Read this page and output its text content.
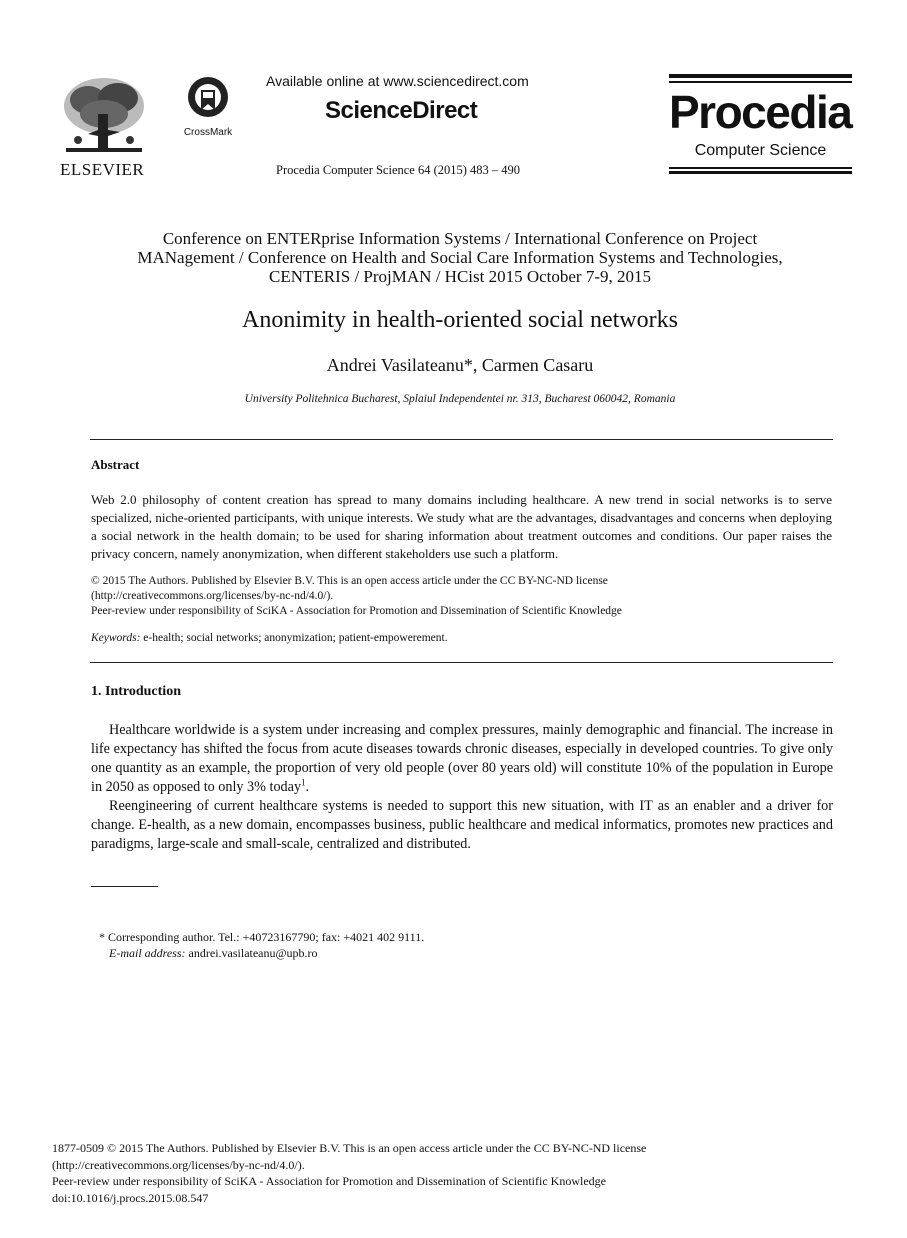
ELSEVIER
CrossMark
Available online at www.sciencedirect.com
ScienceDirect
Procedia Computer Science 64 (2015) 483 – 490
Procedia
Computer Science
Conference on ENTERprise Information Systems / International Conference on Project
MANagement / Conference on Health and Social Care Information Systems and Technologies,
CENTERIS / ProjMAN / HCist 2015 October 7-9, 2015
Anonimity in health-oriented social networks
Andrei Vasilateanu*, Carmen Casaru
University Politehnica Bucharest, Splaiul Independentei nr. 313, Bucharest 060042, Romania
Abstract
Web 2.0 philosophy of content creation has spread to many domains including healthcare. A new trend in social networks is to serve specialized, niche-oriented participants, with unique interests. We study what are the advantages, disadvantages and concerns when deploying a social network in the health domain; to be used for sharing information about treatment outcomes and conditions. Our paper raises the privacy concern, namely anonymization, when different stakeholders use such a platform.
© 2015 The Authors. Published by Elsevier B.V. This is an open access article under the CC BY-NC-ND license
(http://creativecommons.org/licenses/by-nc-nd/4.0/).
Peer-review under responsibility of SciKA - Association for Promotion and Dissemination of Scientific Knowledge
Keywords: e-health; social networks; anonymization; patient-empowerement.
1. Introduction

Healthcare worldwide is a system under increasing and complex pressures, mainly demographic and financial. The increase in life expectancy has shifted the focus from acute diseases towards chronic diseases, especially in developed countries. To give only one quantity as an example, the proportion of very old people (over 80 years old) will constitute 10% of the population in Europe in 2050 as opposed to only 3% today$^1$.

Reengineering of current healthcare systems is needed to support this new situation, with IT as an enabler and a driver for change. E-health, as a new domain, encompasses business, public healthcare and medical informatics, promotes new practices and paradigms, large-scale and small-scale, centralized and distributed.

* Corresponding author. Tel.: +40723167790; fax: +4021 402 9111.
E-mail address: andrei.vasilateanu@upb.ro
1877-0509 © 2015 The Authors. Published by Elsevier B.V. This is an open access article under the CC BY-NC-ND license
(http://creativecommons.org/licenses/by-nc-nd/4.0/).
Peer-review under responsibility of SciKA - Association for Promotion and Dissemination of Scientific Knowledge
doi:10.1016/j.procs.2015.08.547
